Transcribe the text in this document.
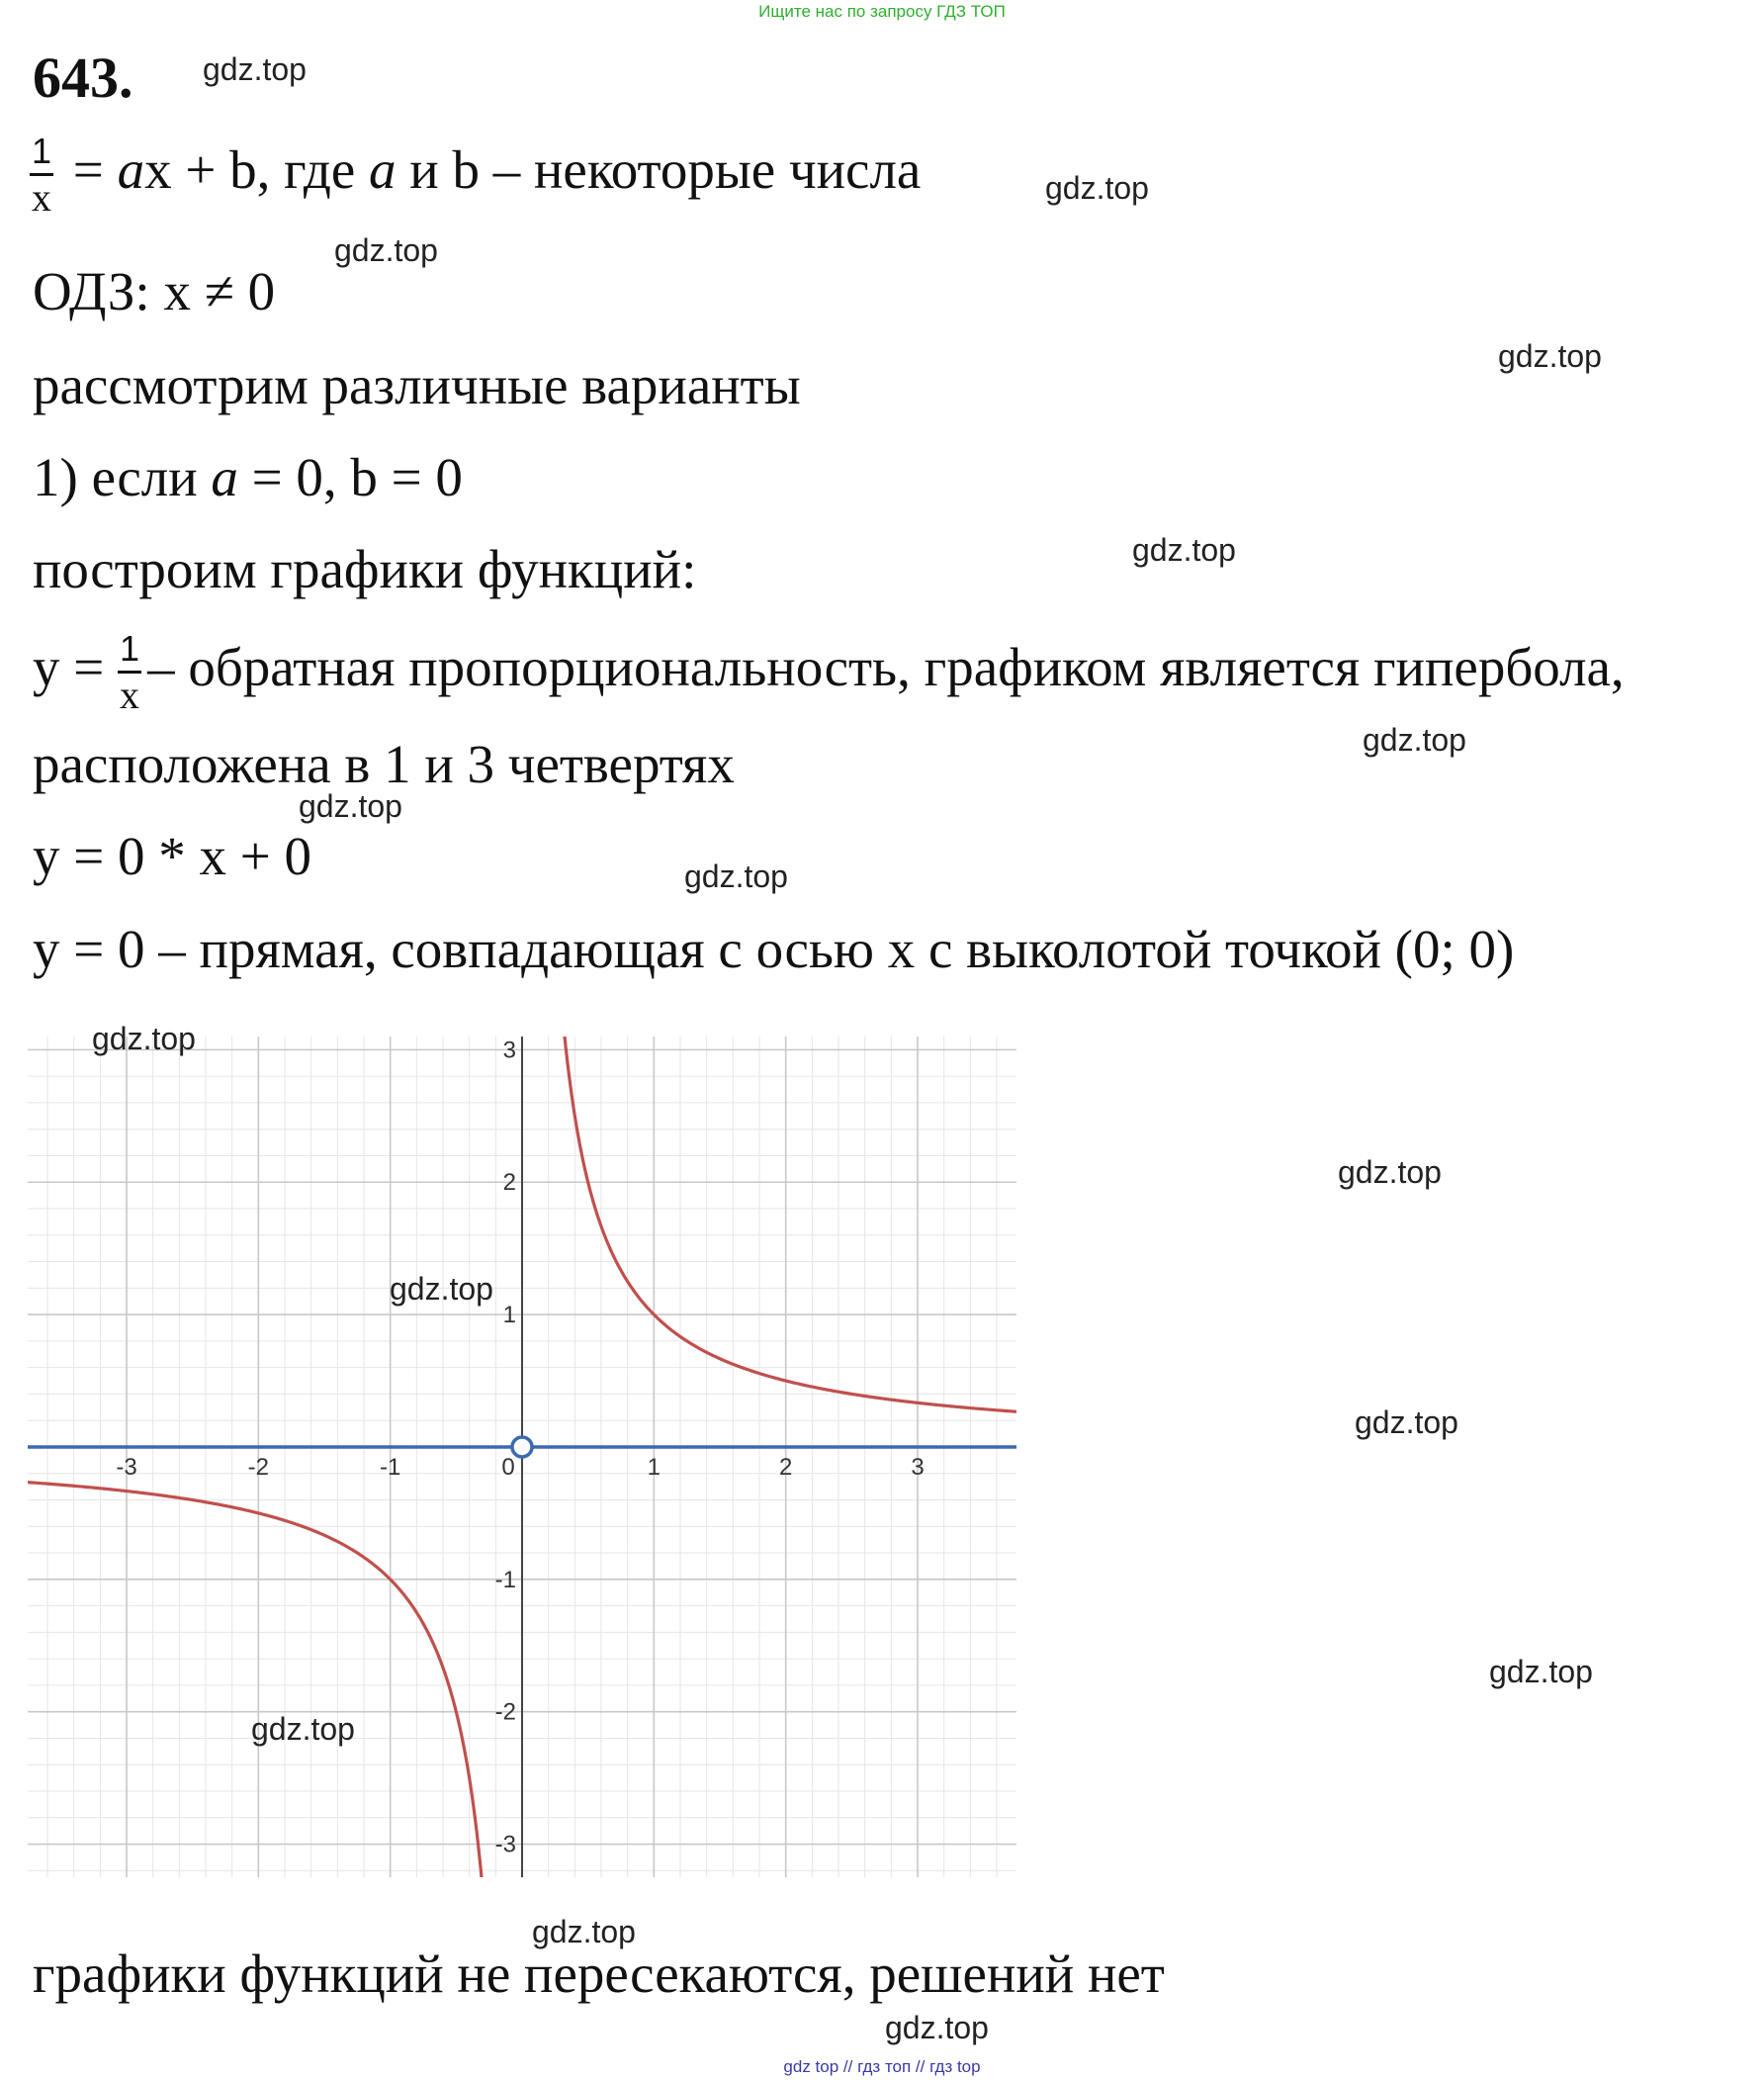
Ищите нас по запросу ГДЗ ТОП
643.
$\frac{1}{x}$ = ax + b, где a и b – некоторые числа
ОДЗ: x ≠ 0
рассмотрим различные варианты
1) если a = 0, b = 0
построим графики функций:
$y = \frac{1}{x}$ – обратная пропорциональность, графиком является гипербола,
расположена в 1 и 3 четвертях
y = 0 * x + 0
y = 0 – прямая, совпадающая с осью x с выколотой точкой (0; 0)
-3	-2	-1	0	1	2	3
3
2
1
-1
-2
-3
графики функций не пересекаются, решений нет
gdz.top
gdz.top
gdz.top
gdz.top
gdz.top
gdz.top
gdz.top
gdz.top
gdz.top
gdz.top
gdz.top
gdz.top
gdz.top
gdz.top
gdz.top
gdz.top
gdz top // гдз топ // гдз top
